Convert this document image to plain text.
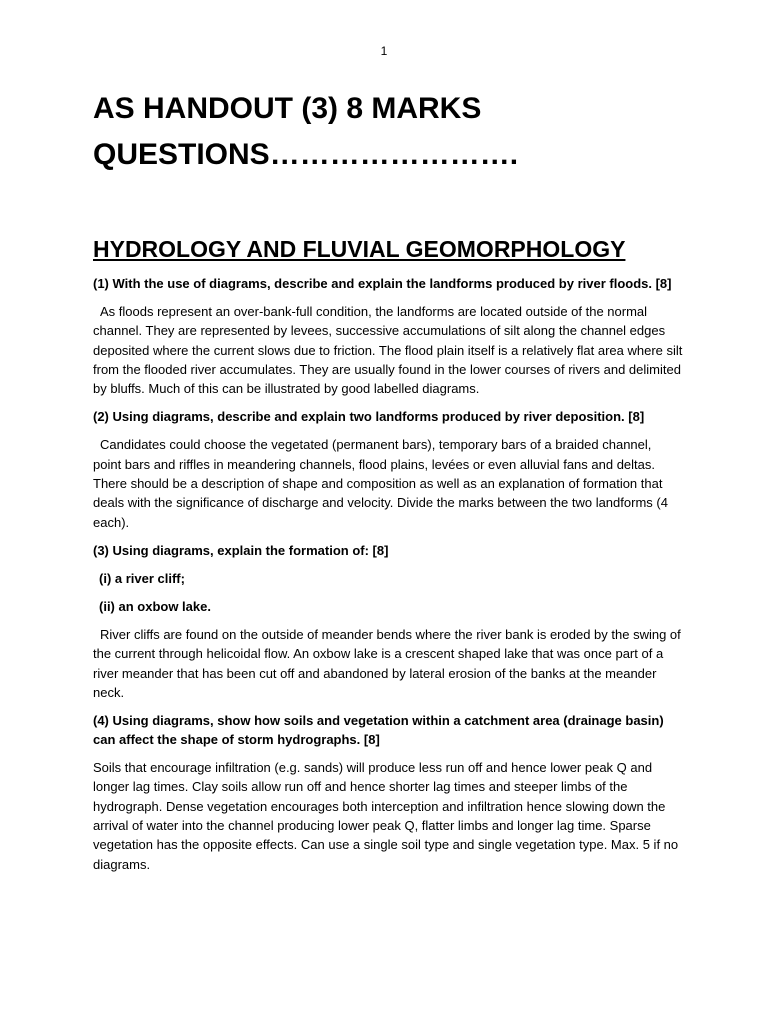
1
AS HANDOUT (3) 8 MARKS
QUESTIONS…………………….
HYDROLOGY AND FLUVIAL GEOMORPHOLOGY

(1) With the use of diagrams, describe and explain the landforms produced by river floods. [8]

As floods represent an over-bank-full condition, the landforms are located outside of the normal channel. They are represented by levees, successive accumulations of silt along the channel edges deposited where the current slows due to friction. The flood plain itself is a relatively flat area where silt from the flooded river accumulates. They are usually found in the lower courses of rivers and delimited by bluffs. Much of this can be illustrated by good labelled diagrams.

(2) Using diagrams, describe and explain two landforms produced by river deposition. [8]

Candidates could choose the vegetated (permanent bars), temporary bars of a braided channel, point bars and riffles in meandering channels, flood plains, levées or even alluvial fans and deltas. There should be a description of shape and composition as well as an explanation of formation that deals with the significance of discharge and velocity. Divide the marks between the two landforms (4 each).

(3) Using diagrams, explain the formation of: [8]

(i) a river cliff;

(ii) an oxbow lake.

River cliffs are found on the outside of meander bends where the river bank is eroded by the swing of the current through helicoidal flow. An oxbow lake is a crescent shaped lake that was once part of a river meander that has been cut off and abandoned by lateral erosion of the banks at the meander neck.

(4) Using diagrams, show how soils and vegetation within a catchment area (drainage basin) can affect the shape of storm hydrographs. [8]

Soils that encourage infiltration (e.g. sands) will produce less run off and hence lower peak Q and longer lag times. Clay soils allow run off and hence shorter lag times and steeper limbs of the hydrograph. Dense vegetation encourages both interception and infiltration hence slowing down the arrival of water into the channel producing lower peak Q, flatter limbs and longer lag time. Sparse vegetation has the opposite effects. Can use a single soil type and single vegetation type. Max. 5 if no diagrams.
